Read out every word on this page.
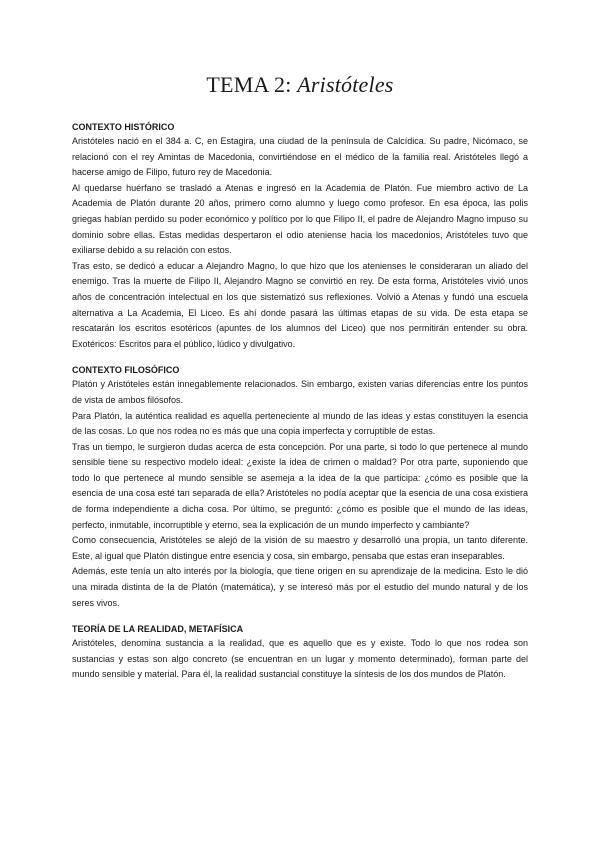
TEMA 2: Aristóteles
CONTEXTO HISTÓRICO

Aristóteles nació en el 384 a. C, en Estagira, una ciudad de la península de Calcídica. Su padre, Nicómaco, se relacionó con el rey Amintas de Macedonia, convirtiéndose en el médico de la familia real. Aristóteles llegó a hacerse amigo de Filipo, futuro rey de Macedonia.

Al quedarse huérfano se trasladó a Atenas e ingresó en la Academia de Platón. Fue miembro activo de La Academia de Platón durante 20 años, primero como alumno y luego como profesor. En esa época, las polis griegas habían perdido su poder económico y político por lo que Filipo II, el padre de Alejandro Magno impuso su dominio sobre ellas. Estas medidas despertaron el odio ateniense hacia los macedonios, Aristóteles tuvo que exiliarse debido a su relación con estos.

Tras esto, se dedicó a educar a Alejandro Magno, lo que hizo que los atenienses le consideraran un aliado del enemigo. Tras la muerte de Filipo II, Alejandro Magno se convirtió en rey. De esta forma, Aristóteles vivió unos años de concentración intelectual en los que sistematizó sus reflexiones. Volvió a Atenas y fundó una escuela alternativa a La Academia, El Liceo. Es ahí donde pasará las últimas etapas de su vida. De esta etapa se rescatarán los escritos esotéricos (apuntes de los alumnos del Liceo) que nos permitirán entender su obra. Exotéricos: Escritos para el público, lúdico y divulgativo.

CONTEXTO FILOSÓFICO

Platón y Aristóteles están innegablemente relacionados. Sin embargo, existen varias diferencias entre los puntos de vista de ambos filósofos.

Para Platón, la auténtica realidad es aquella perteneciente al mundo de las ideas y estas constituyen la esencia de las cosas. Lo que nos rodea no es más que una copia imperfecta y corruptible de estas.

Tras un tiempo, le surgieron dudas acerca de esta concepción. Por una parte, si todo lo que pertenece al mundo sensible tiene su respectivo modelo ideal: ¿existe la idea de crimen o maldad? Por otra parte, suponiendo que todo lo que pertenece al mundo sensible se asemeja a la idea de la que participa: ¿cómo es posible que la esencia de una cosa esté tan separada de ella? Aristóteles no podía aceptar que la esencia de una cosa existiera de forma independiente a dicha cosa. Por último, se preguntó: ¿cómo es posible que el mundo de las ideas, perfecto, inmutable, incorruptible y eterno, sea la explicación de un mundo imperfecto y cambiante?

Como consecuencia, Aristóteles se alejó de la visión de su maestro y desarrolló una propia, un tanto diferente. Este, al igual que Platón distingue entre esencia y cosa, sin embargo, pensaba que estas eran inseparables.

Además, este tenía un alto interés por la biología, que tiene origen en su aprendizaje de la medicina. Esto le dió una mirada distinta de la de Platón (matemática), y se interesó más por el estudio del mundo natural y de los seres vivos.

TEORÍA DE LA REALIDAD, METAFÍSICA

Aristóteles, denomina sustancia a la realidad, que es aquello que es y existe. Todo lo que nos rodea son sustancias y estas son algo concreto (se encuentran en un lugar y momento determinado), forman parte del mundo sensible y material. Para él, la realidad sustancial constituye la síntesis de los dos mundos de Platón.
